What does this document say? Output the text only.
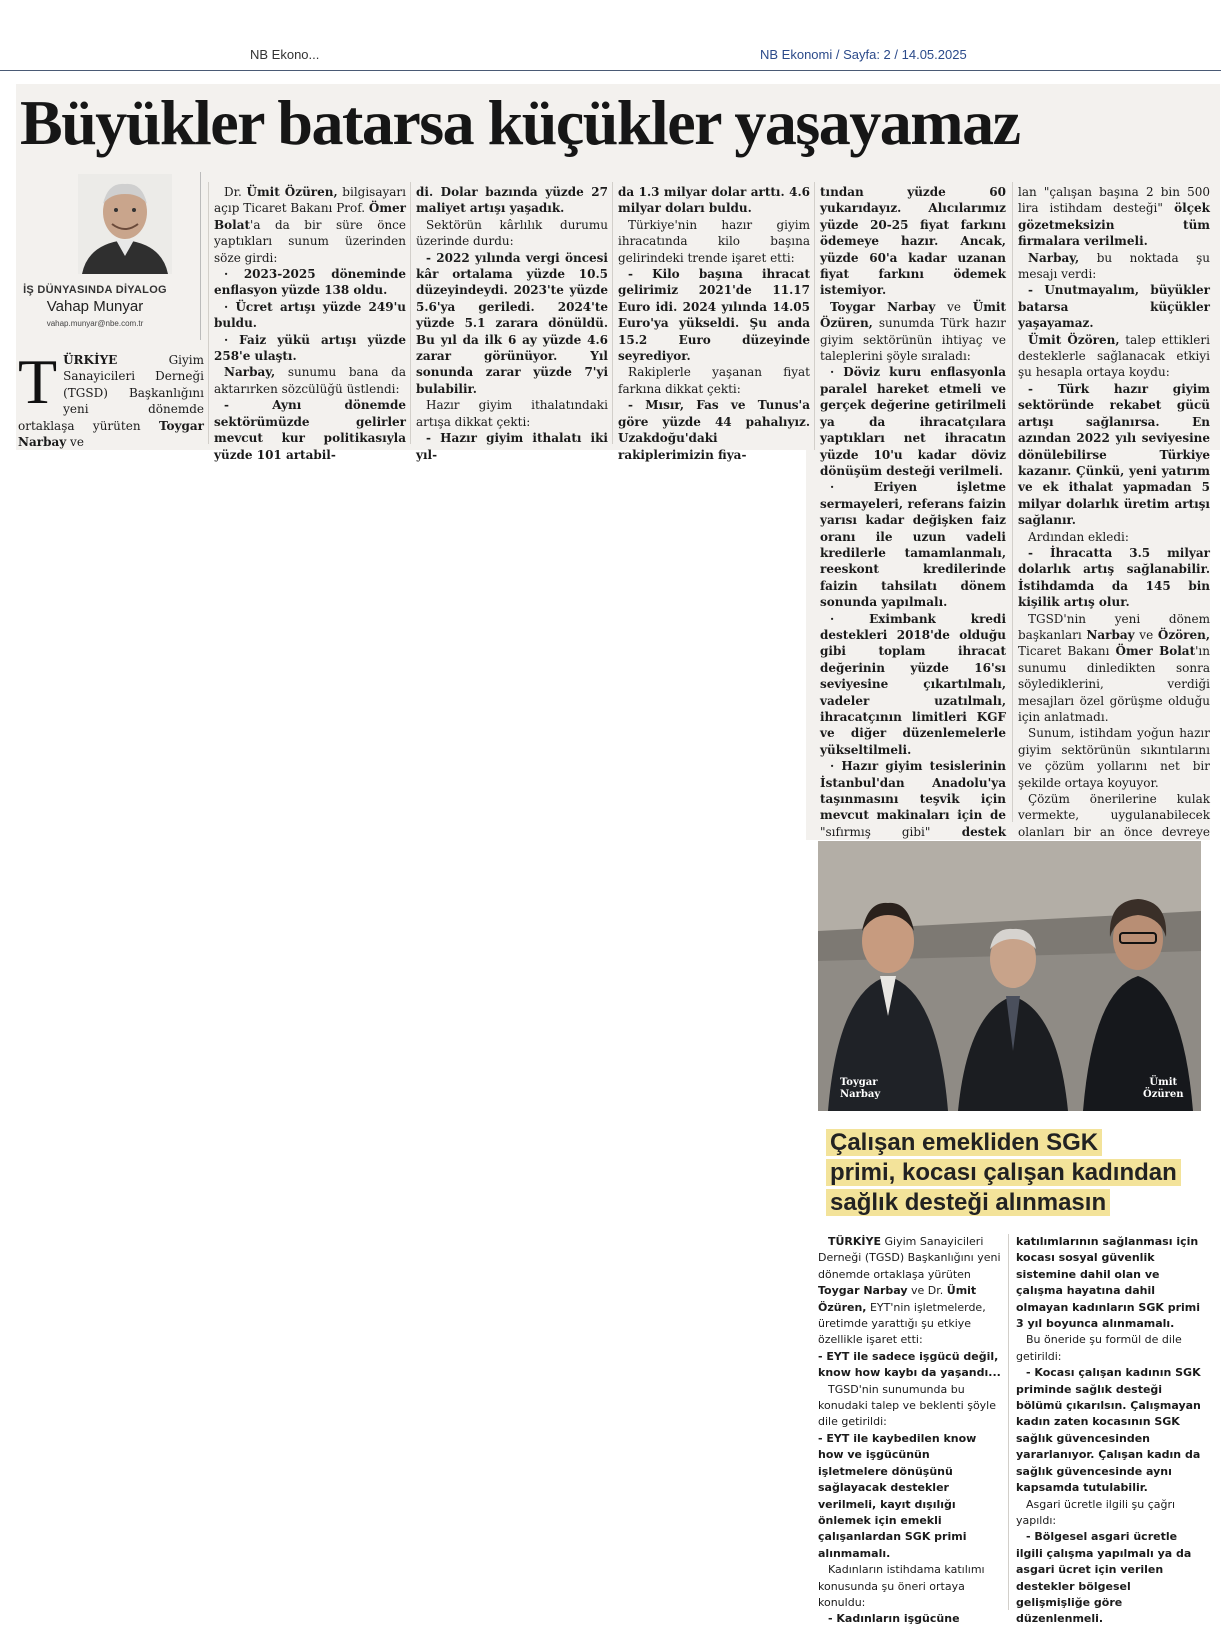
NB Ekono...	NB Ekonomi / Sayfa: 2 / 14.05.2025
Büyükler batarsa küçükler yaşayamaz
İŞ DÜNYASINDA DİYALOG
Vahap Munyar
vahap.munyar@nbe.com.tr

TÜRKİYE Giyim Sanayicileri Derneği (TGSD) Başkanlığını yeni dönemde ortaklaşa yürüten Toygar Narbay ve

Dr. Ümit Özüren, bilgisayarı açıp Ticaret Bakanı Prof. Ömer Bolat'a da bir süre önce yaptıkları sunum üzerinden söze girdi:

· 2023-2025 döneminde enflasyon yüzde 138 oldu.

· Ücret artışı yüzde 249'u buldu.

· Faiz yükü artışı yüzde 258'e ulaştı.

Narbay, sunumu bana da aktarırken sözcülüğü üstlendi:

- Aynı dönemde sektörümüzde gelirler mevcut kur politikasıyla yüzde 101 artabil-

di. Dolar bazında yüzde 27 maliyet artışı yaşadık.

Sektörün kârlılık durumu üzerinde durdu:

- 2022 yılında vergi öncesi kâr ortalama yüzde 10.5 düzeyindeydi. 2023'te yüzde 5.6'ya geriledi. 2024'te yüzde 5.1 zarara dönüldü. Bu yıl da ilk 6 ay yüzde 4.6 zarar görünüyor. Yıl sonunda zarar yüzde 7'yi bulabilir.

Hazır giyim ithalatındaki artışa dikkat çekti:

- Hazır giyim ithalatı iki yıl-

da 1.3 milyar dolar arttı. 4.6 milyar doları buldu.

Türkiye'nin hazır giyim ihracatında kilo başına gelirindeki trende işaret etti:

- Kilo başına ihracat gelirimiz 2021'de 11.17 Euro idi. 2024 yılında 14.05 Euro'ya yükseldi. Şu anda 15.2 Euro düzeyinde seyrediyor.

Rakiplerle yaşanan fiyat farkına dikkat çekti:

- Mısır, Fas ve Tunus'a göre yüzde 44 pahalıyız. Uzakdoğu'daki rakiplerimizin fiya-

tından yüzde 60 yukarıdayız. Alıcılarımız yüzde 20-25 fiyat farkını ödemeye hazır. Ancak, yüzde 60'a kadar uzanan fiyat farkını ödemek istemiyor.

Toygar Narbay ve Ümit Özüren, sunumda Türk hazır giyim sektörünün ihtiyaç ve taleplerini şöyle sıraladı:

· Döviz kuru enflasyonla paralel hareket etmeli ve gerçek değerine getirilmeli ya da ihracatçılara yaptıkları net ihracatın yüzde 10'u kadar döviz dönüşüm desteği verilmeli.

· Eriyen işletme sermayeleri, referans faizin yarısı kadar değişken faiz oranı ile uzun vadeli kredilerle tamamlanmalı, reeskont kredilerinde faizin tahsilatı dönem sonunda yapılmalı.

· Eximbank kredi destekleri 2018'de olduğu gibi toplam ihracat değerinin yüzde 16'sı seviyesine çıkartılmalı, vadeler uzatılmalı, ihracatçının limitleri KGF ve diğer düzenlemelerle yükseltilmeli.

· Hazır giyim tesislerinin İstanbul'dan Anadolu'ya taşınmasını teşvik için mevcut makinaları için de "sıfırmış gibi"	destek

lan "çalışan başına 2 bin 500 lira istihdam desteği" ölçek gözetmeksizin tüm firmalara verilmeli.

Narbay, bu noktada şu mesajı verdi:

- Unutmayalım, büyükler batarsa küçükler yaşayamaz.

Ümit Özören, talep ettikleri desteklerle sağlanacak etkiyi şu hesapla ortaya koydu:

- Türk hazır giyim sektöründe rekabet gücü artışı sağlanırsa. En azından 2022 yılı seviyesine dönülebilirse Türkiye kazanır. Çünkü, yeni yatırım ve ek ithalat yapmadan 5 milyar dolarlık üretim artışı sağlanır.

Ardından ekledi:

- İhracatta 3.5 milyar dolarlık artış sağlanabilir. İstihdamda da 145 bin kişilik artış olur.

TGSD'nin yeni dönem başkanları Narbay ve Özören, Ticaret Bakanı Ömer Bolat'ın sunumu dinledikten sonra söylediklerini, verdiği mesajları özel görüşme olduğu için anlatmadı.

Sunum, istihdam yoğun hazır giyim sektörünün sıkıntılarını ve çözüm yollarını net bir şekilde ortaya koyuyor.

Çözüm önerilerine kulak vermekte, uygulanabilecek olanları bir an önce devreye

Toygar
Narbay
Ümit
Özüren
Çalışan emekliden SGK
primi, kocası çalışan kadından
sağlık desteği alınmasın

TÜRKİYE Giyim Sanayicileri Derneği (TGSD) Başkanlığını yeni dönemde ortaklaşa yürüten Toygar Narbay ve Dr. Ümit Özüren, EYT'nin işletmelerde, üretimde yarattığı şu etkiye özellikle işaret etti:

- EYT ile sadece işgücü değil, know how kaybı da yaşandı...

TGSD'nin sunumunda bu konudaki talep ve beklenti şöyle dile getirildi:

- EYT ile kaybedilen know how ve işgücünün işletmelere dönüşünü sağlayacak destekler verilmeli, kayıt dışılığı önlemek için emekli çalışanlardan SGK primi alınmamalı.

Kadınların istihdama katılımı konusunda şu öneri ortaya konuldu:

- Kadınların işgücüne

katılımlarının sağlanması için kocası sosyal güvenlik sistemine dahil olan ve çalışma hayatına dahil olmayan kadınların SGK primi 3 yıl boyunca alınmamalı.

Bu öneride şu formül de dile getirildi:

- Kocası çalışan kadının SGK priminde sağlık desteği bölümü çıkarılsın. Çalışmayan kadın zaten kocasının SGK sağlık güvencesinden yararlanıyor. Çalışan kadın da sağlık güvencesinde aynı kapsamda tutulabilir.

Asgari ücretle ilgili şu çağrı yapıldı:

- Bölgesel asgari ücretle ilgili çalışma yapılmalı ya da asgari ücret için verilen destekler bölgesel gelişmişliğe göre düzenlenmeli.
